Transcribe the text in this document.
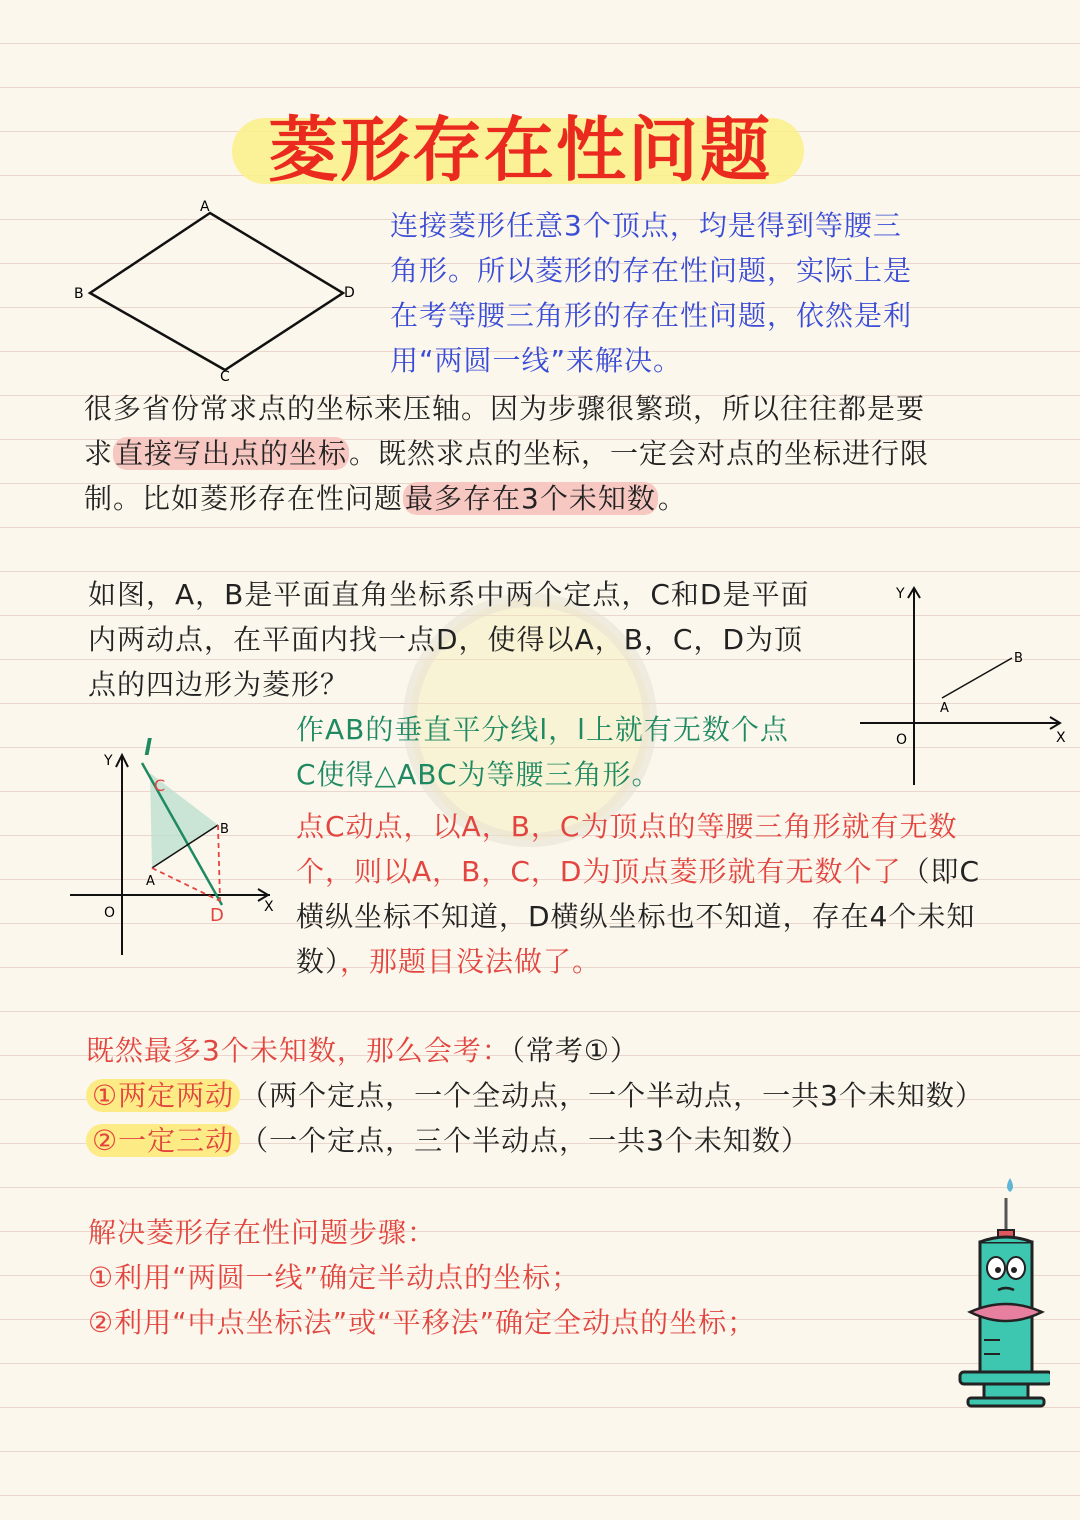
菱形存在性问题
A
B
C
D

连接菱形任意3个顶点，均是得到等腰三

角形。所以菱形的存在性问题，实际上是

在考等腰三角形的存在性问题，依然是利

用“两圆一线”来解决。

很多省份常求点的坐标来压轴。因为步骤很繁琐，所以往往都是要

求直接写出点的坐标。既然求点的坐标，一定会对点的坐标进行限

制。比如菱形存在性问题最多存在3个未知数。

如图，A，B是平面直角坐标系中两个定点，C和D是平面

内两动点，在平面内找一点D，使得以A，B，C，D为顶

点的四边形为菱形？

Y
X
O
A
B
l
Y
X
O
C
A
B
D

作AB的垂直平分线l，l上就有无数个点

C使得△ABC为等腰三角形。

点C动点，以A，B，C为顶点的等腰三角形就有无数

个，则以A，B，C，D为顶点菱形就有无数个了（即C

横纵坐标不知道，D横纵坐标也不知道，存在4个未知

数），那题目没法做了。

既然最多3个未知数，那么会考：（常考①）

①两定两动 （两个定点，一个全动点，一个半动点，一共3个未知数）

②一定三动 （一个定点，三个半动点，一共3个未知数）

解决菱形存在性问题步骤：

①利用“两圆一线”确定半动点的坐标；

②利用“中点坐标法”或“平移法”确定全动点的坐标；
